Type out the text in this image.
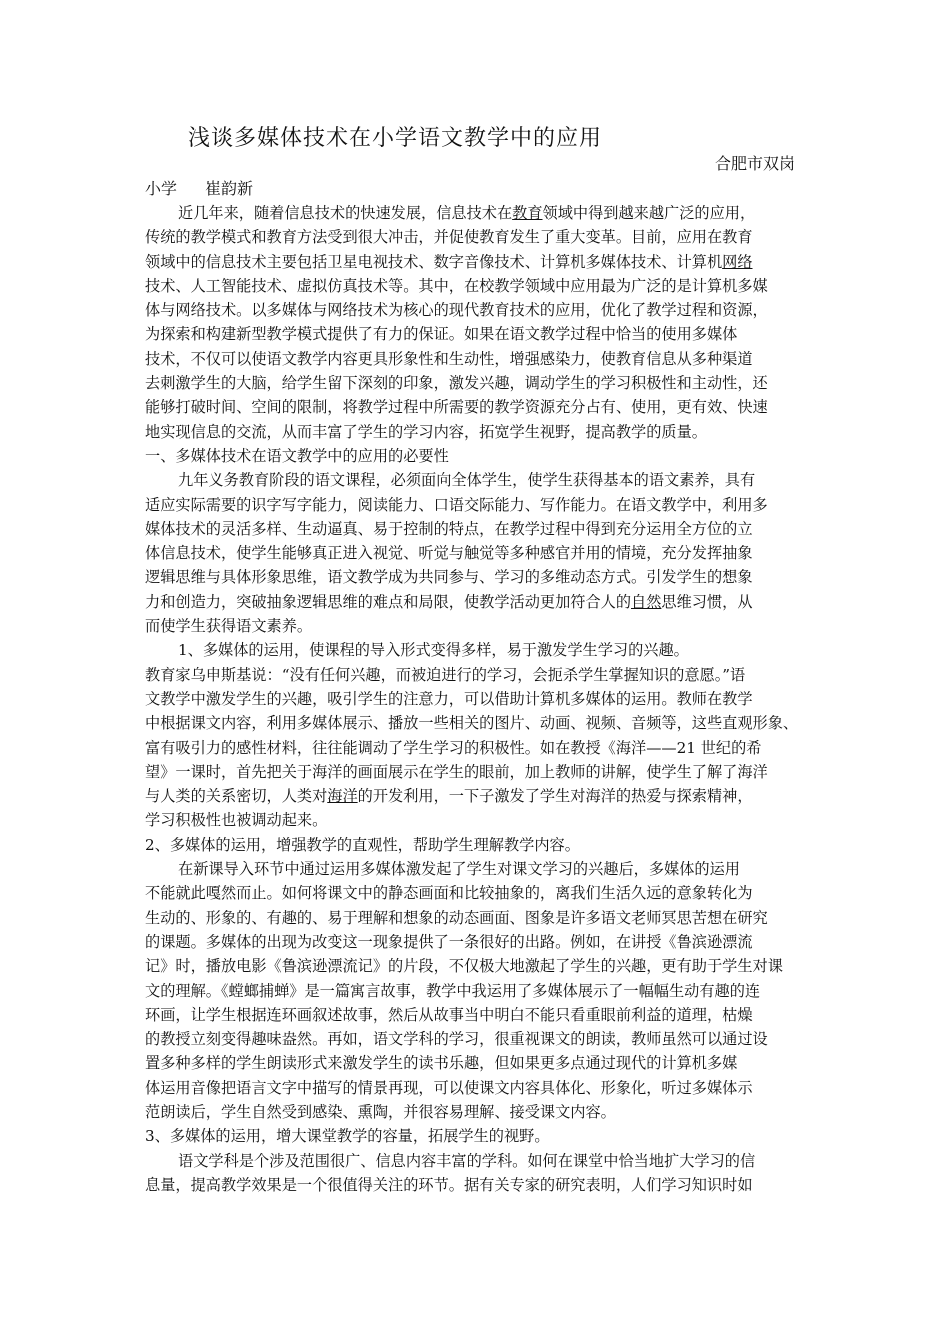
浅谈多媒体技术在小学语文教学中的应用
合肥市双岗
小学 崔韵新
近几年来，随着信息技术的快速发展，信息技术在教育领域中得到越来越广泛的应用，
传统的教学模式和教育方法受到很大冲击，并促使教育发生了重大变革。目前，应用在教育
领域中的信息技术主要包括卫星电视技术、数字音像技术、计算机多媒体技术、计算机网络
技术、人工智能技术、虚拟仿真技术等。其中，在校教学领域中应用最为广泛的是计算机多媒
体与网络技术。以多媒体与网络技术为核心的现代教育技术的应用，优化了教学过程和资源，
为探索和构建新型教学模式提供了有力的保证。如果在语文教学过程中恰当的使用多媒体
技术，不仅可以使语文教学内容更具形象性和生动性，增强感染力，使教育信息从多种渠道
去刺激学生的大脑，给学生留下深刻的印象，激发兴趣，调动学生的学习积极性和主动性，还
能够打破时间、空间的限制，将教学过程中所需要的教学资源充分占有、使用，更有效、快速
地实现信息的交流，从而丰富了学生的学习内容，拓宽学生视野，提高教学的质量。
一、多媒体技术在语文教学中的应用的必要性
九年义务教育阶段的语文课程，必须面向全体学生，使学生获得基本的语文素养，具有
适应实际需要的识字写字能力，阅读能力、口语交际能力、写作能力。在语文教学中，利用多
媒体技术的灵活多样、生动逼真、易于控制的特点，在教学过程中得到充分运用全方位的立
体信息技术，使学生能够真正进入视觉、听觉与触觉等多种感官并用的情境，充分发挥抽象
逻辑思维与具体形象思维，语文教学成为共同参与、学习的多维动态方式。引发学生的想象
力和创造力，突破抽象逻辑思维的难点和局限，使教学活动更加符合人的自然思维习惯，从
而使学生获得语文素养。
1、多媒体的运用，使课程的导入形式变得多样，易于激发学生学习的兴趣。
教育家乌申斯基说：“没有任何兴趣，而被迫进行的学习，会扼杀学生掌握知识的意愿。”语
文教学中激发学生的兴趣，吸引学生的注意力，可以借助计算机多媒体的运用。教师在教学
中根据课文内容，利用多媒体展示、播放一些相关的图片、动画、视频、音频等，这些直观形象、
富有吸引力的感性材料，往往能调动了学生学习的积极性。如在教授《海洋——21 世纪的希
望》一课时，首先把关于海洋的画面展示在学生的眼前，加上教师的讲解，使学生了解了海洋
与人类的关系密切，人类对海洋的开发利用，一下子激发了学生对海洋的热爱与探索精神，
学习积极性也被调动起来。
2、多媒体的运用，增强教学的直观性，帮助学生理解教学内容。
在新课导入环节中通过运用多媒体激发起了学生对课文学习的兴趣后，多媒体的运用
不能就此嘎然而止。如何将课文中的静态画面和比较抽象的，离我们生活久远的意象转化为
生动的、形象的、有趣的、易于理解和想象的动态画面、图象是许多语文老师冥思苦想在研究
的课题。多媒体的出现为改变这一现象提供了一条很好的出路。例如，在讲授《鲁滨逊漂流
记》时，播放电影《鲁滨逊漂流记》的片段，不仅极大地激起了学生的兴趣，更有助于学生对课
文的理解。《螳螂捕蝉》是一篇寓言故事，教学中我运用了多媒体展示了一幅幅生动有趣的连
环画，让学生根据连环画叙述故事，然后从故事当中明白不能只看重眼前利益的道理，枯燥
的教授立刻变得趣味盎然。再如，语文学科的学习，很重视课文的朗读，教师虽然可以通过设
置多种多样的学生朗读形式来激发学生的读书乐趣，但如果更多点通过现代的计算机多媒
体运用音像把语言文字中描写的情景再现，可以使课文内容具体化、形象化，听过多媒体示
范朗读后，学生自然受到感染、熏陶，并很容易理解、接受课文内容。
3、多媒体的运用，增大课堂教学的容量，拓展学生的视野。
语文学科是个涉及范围很广、信息内容丰富的学科。如何在课堂中恰当地扩大学习的信
息量，提高教学效果是一个很值得关注的环节。据有关专家的研究表明，人们学习知识时如
